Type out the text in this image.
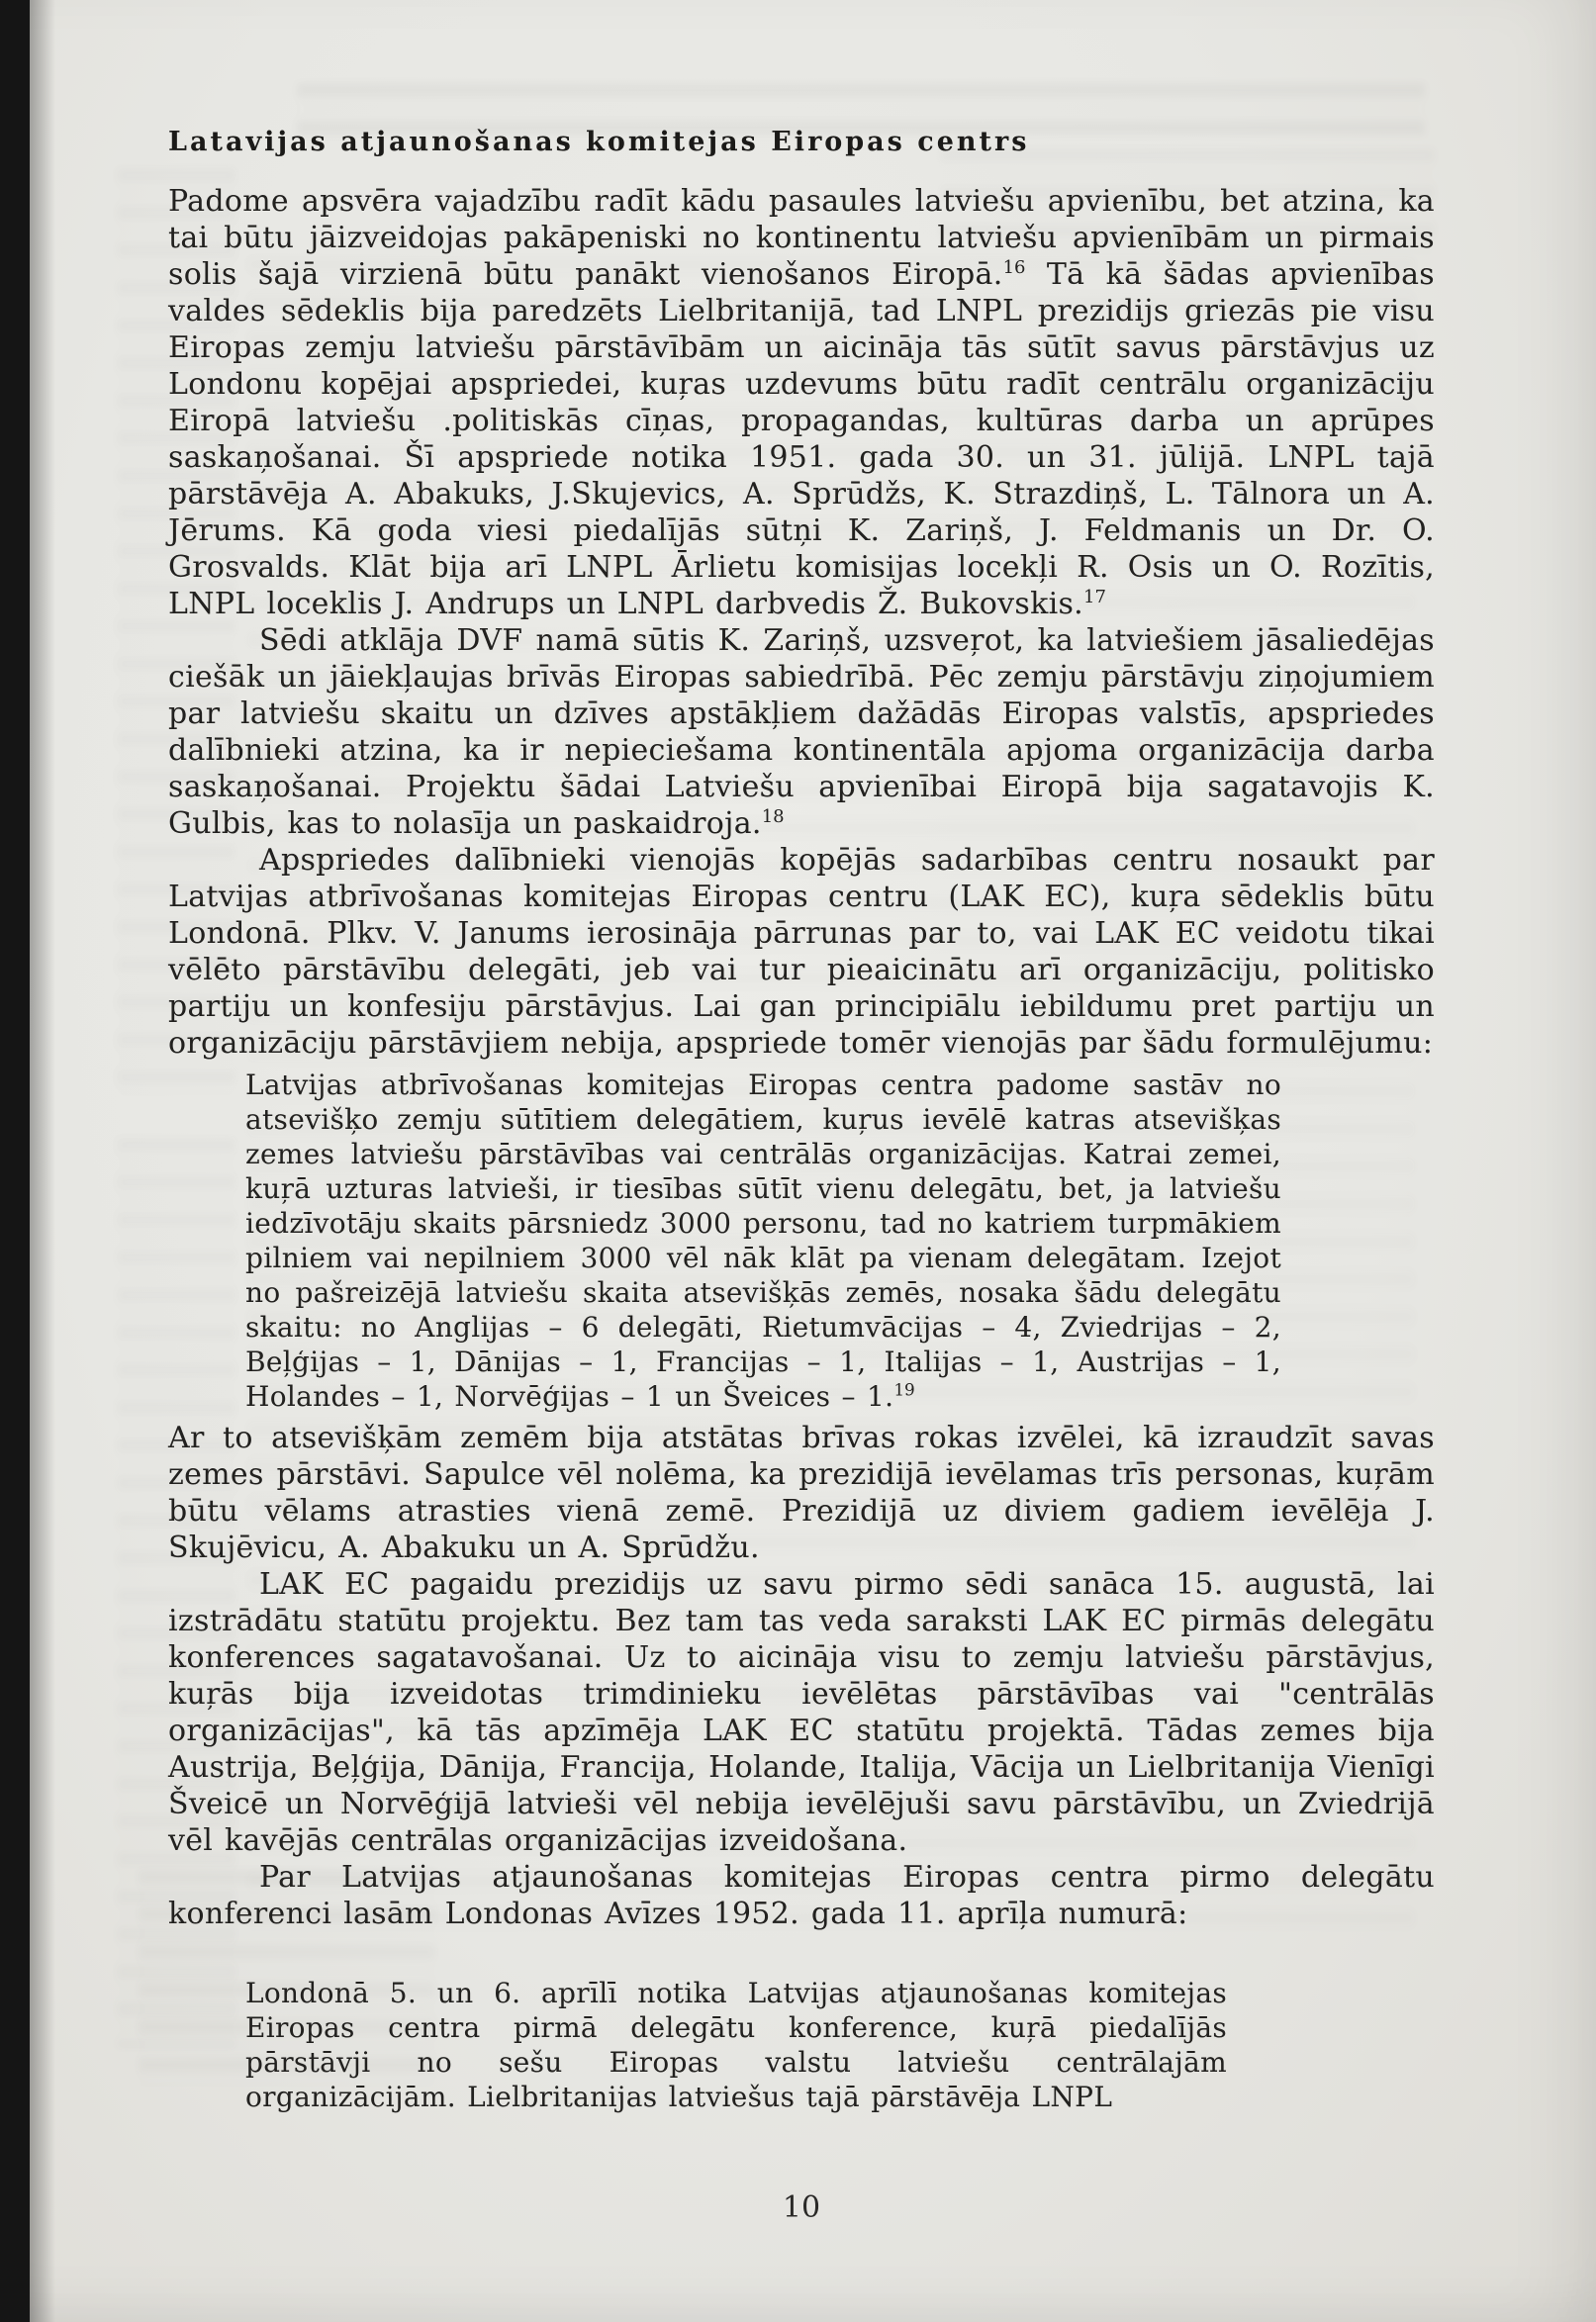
Latavijas atjaunošanas komitejas Eiropas centrs

Padome apsvēra vajadzību radīt kādu pasaules latviešu apvienību, bet atzina, ka tai būtu jāizveidojas pakāpeniski no kontinentu latviešu apvienībām un pirmais solis šajā virzienā būtu panākt vienošanos Eiropā.$^{16}$ Tā kā šādas apvienības valdes sēdeklis bija paredzēts Lielbritanijā, tad LNPL prezidijs griezās pie visu Eiropas zemju latviešu pārstāvībām un aicināja tās sūtīt savus pārstāvjus uz Londonu kopējai apspriedei, kuŗas uzdevums būtu radīt centrālu organizāciju Eiropā latviešu .politiskās cīņas, propagandas, kultūras darba un aprūpes saskaņošanai. Šī apspriede notika 1951. gada 30. un 31. jūlijā. LNPL tajā pārstāvēja A. Abakuks, J.Skujevics, A. Sprūdžs, K. Strazdiņš, L. Tālnora un A. Jērums. Kā goda viesi piedalījās sūtņi K. Zariņš, J. Feldmanis un Dr. O. Grosvalds. Klāt bija arī LNPL Ārlietu komisijas locekļi R. Osis un O. Rozītis, LNPL loceklis J. Andrups un LNPL darbvedis Ž. Bukovskis.$^{17}$

Sēdi atklāja DVF namā sūtis K. Zariņš, uzsveŗot, ka latviešiem jāsaliedējas ciešāk un jāiekļaujas brīvās Eiropas sabiedrībā. Pēc zemju pārstāvju ziņojumiem par latviešu skaitu un dzīves apstākļiem dažādās Eiropas valstīs, apspriedes dalībnieki atzina, ka ir nepieciešama kontinentāla apjoma organizācija darba saskaņošanai. Projektu šādai Latviešu apvienībai Eiropā bija sagatavojis K. Gulbis, kas to nolasīja un paskaidroja.$^{18}$

Apspriedes dalībnieki vienojās kopējās sadarbības centru nosaukt par Latvijas atbrīvošanas komitejas Eiropas centru (LAK EC), kuŗa sēdeklis būtu Londonā. Plkv. V. Janums ierosināja pārrunas par to, vai LAK EC veidotu tikai vēlēto pārstāvību delegāti, jeb vai tur pieaicinātu arī organizāciju, politisko partiju un konfesiju pārstāvjus. Lai gan principiālu iebildumu pret partiju un organizāciju pārstāvjiem nebija, apspriede tomēr vienojās par šādu formulējumu:

Latvijas atbrīvošanas komitejas Eiropas centra padome sastāv no atsevišķo zemju sūtītiem delegātiem, kuŗus ievēlē katras atsevišķas zemes latviešu pārstāvības vai centrālās organizācijas. Katrai zemei, kuŗā uzturas latvieši, ir tiesības sūtīt vienu delegātu, bet, ja latviešu iedzīvotāju skaits pārsniedz 3000 personu, tad no katriem turpmākiem pilniem vai nepilniem 3000 vēl nāk klāt pa vienam delegātam. Izejot no pašreizējā latviešu skaita atsevišķās zemēs, nosaka šādu delegātu skaitu: no Anglijas – 6 delegāti, Rietumvācijas – 4, Zviedrijas – 2, Beļģijas – 1, Dānijas – 1, Francijas – 1, Italijas – 1, Austrijas – 1, Holandes – 1, Norvēģijas – 1 un Šveices – 1.19

Ar to atsevišķām zemēm bija atstātas brīvas rokas izvēlei, kā izraudzīt savas zemes pārstāvi. Sapulce vēl nolēma, ka prezidijā ievēlamas trīs personas, kuŗām būtu vēlams atrasties vienā zemē. Prezidijā uz diviem gadiem ievēlēja J. Skujēvicu, A. Abakuku un A. Sprūdžu.

LAK EC pagaidu prezidijs uz savu pirmo sēdi sanāca 15. augustā, lai izstrādātu statūtu projektu. Bez tam tas veda saraksti LAK EC pirmās delegātu konferences sagatavošanai. Uz to aicināja visu to zemju latviešu pārstāvjus, kuŗās bija izveidotas trimdinieku ievēlētas pārstāvības vai "centrālās organizācijas", kā tās apzīmēja LAK EC statūtu projektā. Tādas zemes bija Austrija, Beļģija, Dānija, Francija, Holande, Italija, Vācija un Lielbritanija Vienīgi Šveicē un Norvēģijā latvieši vēl nebija ievēlējuši savu pārstāvību, un Zviedrijā vēl kavējās centrālas organizācijas izveidošana.

Par Latvijas atjaunošanas komitejas Eiropas centra pirmo delegātu konferenci lasām Londonas Avīzes 1952. gada 11. aprīļa numurā:

Londonā 5. un 6. aprīlī notika Latvijas atjaunošanas komitejas Eiropas centra pirmā delegātu konference, kuŗā piedalījās pārstāvji no sešu Eiropas valstu latviešu centrālajām organizācijām. Lielbritanijas latviešus tajā pārstāvēja LNPL
10
